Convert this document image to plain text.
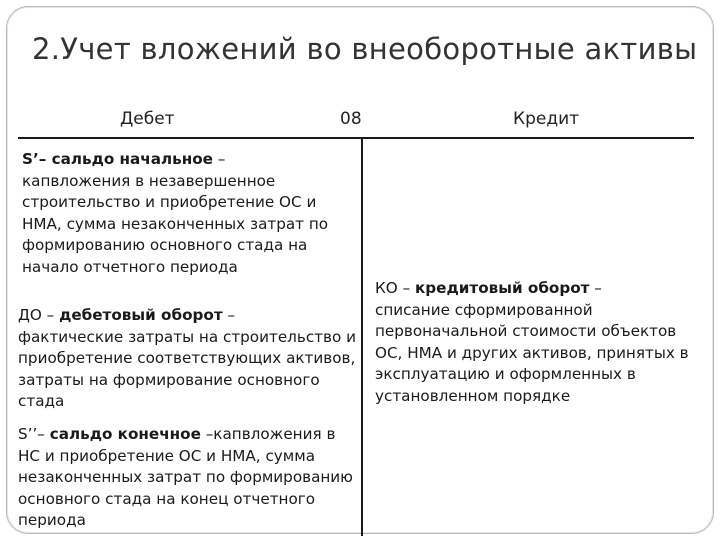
2.Учет вложений во внеоборотные активы
Дебет	08	Кредит
S’– сальдо начальное –
капвложения в незавершенное строительство и приобретение ОС и НМА, сумма незаконченных затрат по формированию основного стада на начало отчетного периода
ДО – дебетовый оборот –
фактические затраты на строительство и приобретение соответствующих активов, затраты на формирование основного стада
S’’– сальдо конечное –капвложения в НС и приобретение ОС и НМА, сумма незаконченных затрат по формированию основного стада на конец отчетного периода
КО – кредитовый оборот –
списание сформированной первоначальной стоимости объектов ОС, НМА и других активов, принятых в эксплуатацию и оформленных в установленном порядке
